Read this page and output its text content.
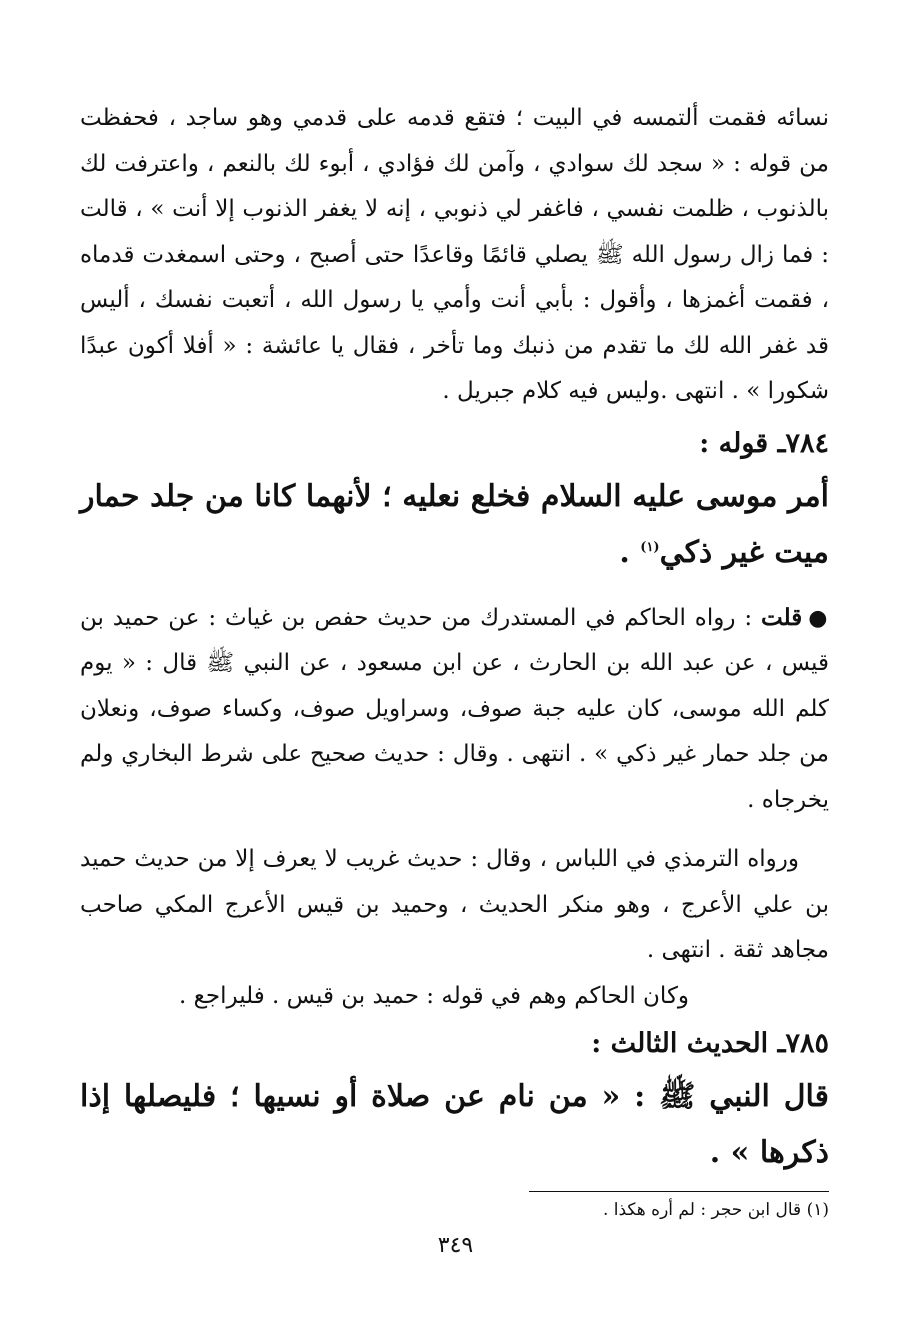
نسائه فقمت ألتمسه في البيت ؛ فتقع قدمه على قدمي وهو ساجد ، فحفظت من قوله : « سجد لك سوادي ، وآمن لك فؤادي ، أبوء لك بالنعم ، واعترفت لك بالذنوب ، ظلمت نفسي ، فاغفر لي ذنوبي ، إنه لا يغفر الذنوب إلا أنت » ، قالت : فما زال رسول الله ﷺ يصلي قائمًا وقاعدًا حتى أصبح ، وحتى اسمغدت قدماه ، فقمت أغمزها ، وأقول : بأبي أنت وأمي يا رسول الله ، أتعبت نفسك ، أليس قد غفر الله لك ما تقدم من ذنبك وما تأخر ، فقال يا عائشة : « أفلا أكون عبدًا شكورا » . انتهى .وليس فيه كلام جبريل .

٧٨٤ـ قوله :

أمر موسى عليه السلام فخلع نعليه ؛ لأنهما كانا من جلد حمار ميت غير ذكي$^{(١)}$ .

●قلت : رواه الحاكم في المستدرك من حديث حفص بن غياث : عن حميد بن قيس ، عن عبد الله بن الحارث ، عن ابن مسعود ، عن النبي ﷺ قال : « يوم كلم الله موسى، كان عليه جبة صوف، وسراويل صوف، وكساء صوف، ونعلان من جلد حمار غير ذكي » . انتهى . وقال : حديث صحيح على شرط البخاري ولم يخرجاه .

ورواه الترمذي في اللباس ، وقال : حديث غريب لا يعرف إلا من حديث حميد بن علي الأعرج ، وهو منكر الحديث ، وحميد بن قيس الأعرج المكي صاحب مجاهد ثقة . انتهى .

وكان الحاكم وهم في قوله : حميد بن قيس . فليراجع .

٧٨٥ـ الحديث الثالث :

قال النبي ﷺ : « من نام عن صلاة أو نسيها ؛ فليصلها إذا ذكرها » .

(١) قال ابن حجر : لم أره هكذا .

٣٤٩
